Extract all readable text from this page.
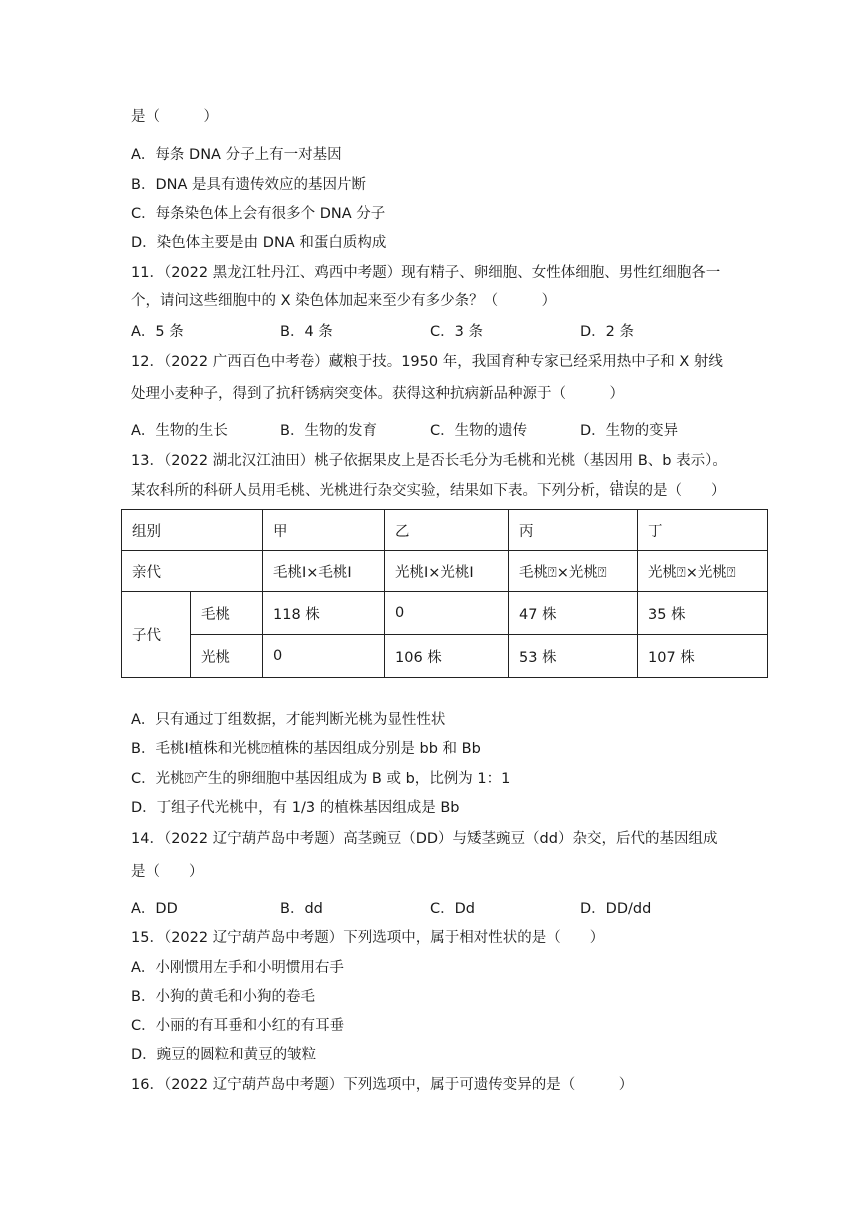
是（　　　）
A．每条 DNA 分子上有一对基因
B．DNA 是具有遗传效应的基因片断
C．每条染色体上会有很多个 DNA 分子
D．染色体主要是由 DNA 和蛋白质构成
11．（2022 黑龙江牡丹江、鸡西中考题）现有精子、卵细胞、女性体细胞、男性红细胞各一
个，请问这些细胞中的 X 染色体加起来至少有多少条？（　　　）
A．5 条	B．4 条	C．3 条	D．2 条
12．（2022 广西百色中考卷）藏粮于技。1950 年，我国育种专家已经采用热中子和 X 射线
处理小麦种子，得到了抗秆锈病突变体。获得这种抗病新品种源于（　　　）
A．生物的生长	B．生物的发育	C．生物的遗传	D．生物的变异
13．（2022 湖北汉江油田）桃子依据果皮上是否长毛分为毛桃和光桃（基因用 B、b 表示）。
某农科所的科研人员用毛桃、光桃进行杂交实验，结果如下表。下列分析，错误的是（　　）
组别		甲	乙	丙	丁
亲代		毛桃Ⅰ×毛桃Ⅰ	光桃Ⅰ×光桃Ⅰ	毛桃⍰×光桃⍰	光桃⍰×光桃⍰
子代	毛桃	118 株	0	47 株	35 株
	光桃	0	106 株	53 株	107 株
A．只有通过丁组数据，才能判断光桃为显性性状
B．毛桃Ⅰ植株和光桃⍰植株的基因组成分别是 bb 和 Bb
C．光桃⍰产生的卵细胞中基因组成为 B 或 b，比例为 1：1
D．丁组子代光桃中，有 1/3 的植株基因组成是 Bb
14．（2022 辽宁葫芦岛中考题）高茎豌豆（DD）与矮茎豌豆（dd）杂交，后代的基因组成
是（　　）
A．DD	B．dd	C．Dd	D．DD/dd
15．（2022 辽宁葫芦岛中考题）下列选项中，属于相对性状的是（　　）
A．小刚惯用左手和小明惯用右手
B．小狗的黄毛和小狗的卷毛
C．小丽的有耳垂和小红的有耳垂
D．豌豆的圆粒和黄豆的皱粒
16．（2022 辽宁葫芦岛中考题）下列选项中，属于可遗传变异的是（　　　）
